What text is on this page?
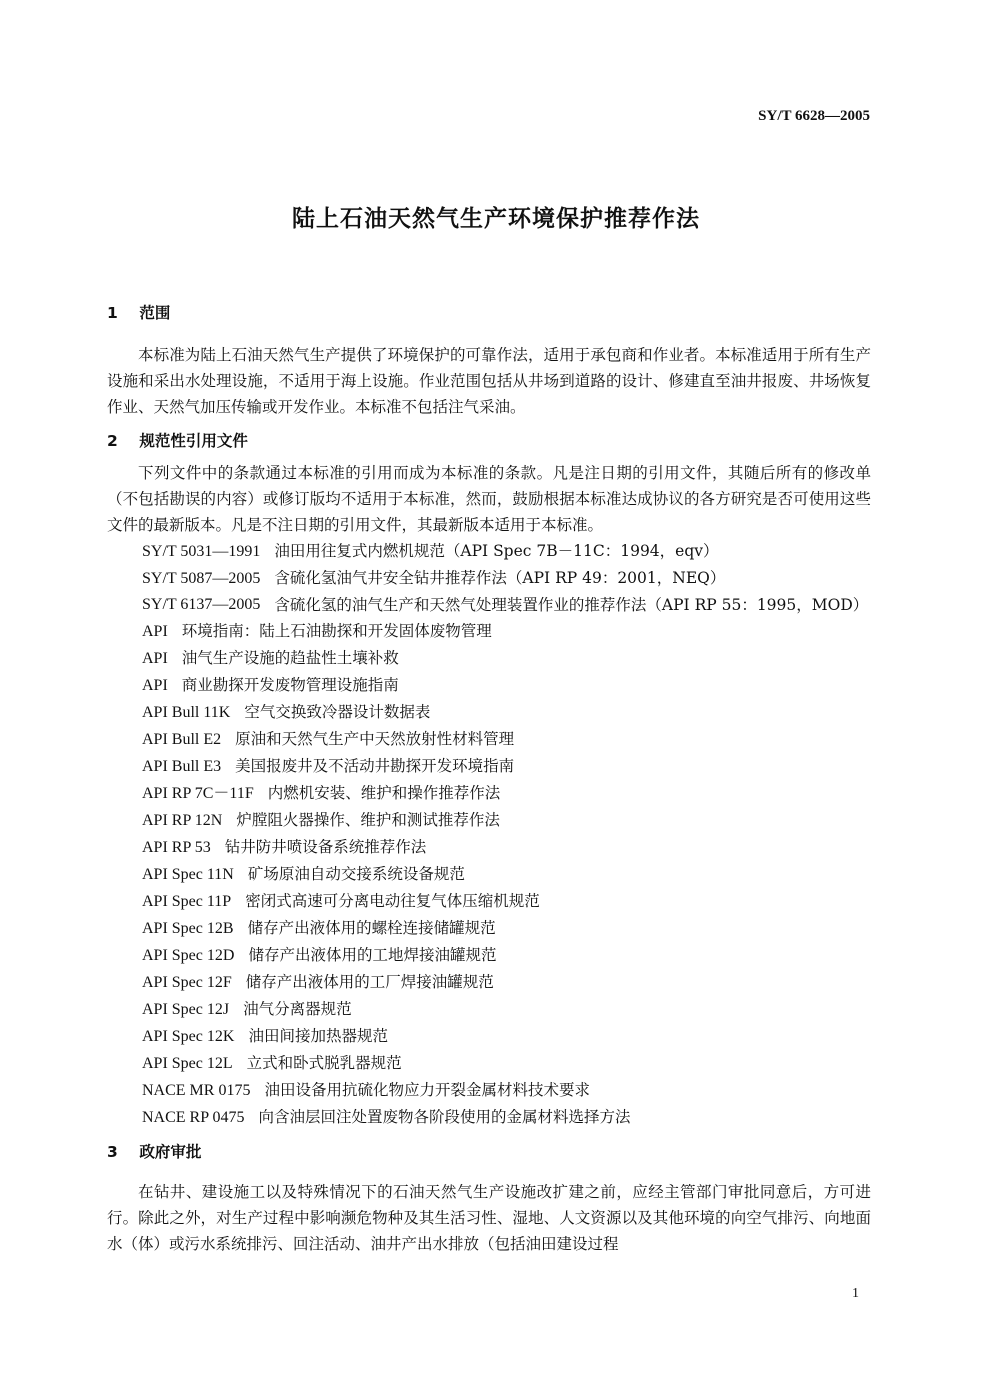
SY/T 6628—2005
陆上石油天然气生产环境保护推荐作法
1 范围
本标准为陆上石油天然气生产提供了环境保护的可靠作法，适用于承包商和作业者。本标准适用于所有生产设施和采出水处理设施，不适用于海上设施。作业范围包括从井场到道路的设计、修建直至油井报废、井场恢复作业、天然气加压传输或开发作业。本标准不包括注气采油。
2 规范性引用文件
下列文件中的条款通过本标准的引用而成为本标准的条款。凡是注日期的引用文件，其随后所有的修改单（不包括勘误的内容）或修订版均不适用于本标准，然而，鼓励根据本标准达成协议的各方研究是否可使用这些文件的最新版本。凡是不注日期的引用文件，其最新版本适用于本标准。
SY/T 5031—1991 油田用往复式内燃机规范（API Spec 7B－11C：1994，eqv）
SY/T 5087—2005 含硫化氢油气井安全钻井推荐作法（API RP 49：2001，NEQ）
SY/T 6137—2005 含硫化氢的油气生产和天然气处理装置作业的推荐作法（API RP 55：1995，MOD）
API 环境指南：陆上石油勘探和开发固体废物管理
API 油气生产设施的趋盐性土壤补救
API 商业勘探开发废物管理设施指南
API Bull 11K 空气交换致冷器设计数据表
API Bull E2 原油和天然气生产中天然放射性材料管理
API Bull E3 美国报废井及不活动井勘探开发环境指南
API RP 7C－11F 内燃机安装、维护和操作推荐作法
API RP 12N 炉膛阻火器操作、维护和测试推荐作法
API RP 53 钻井防井喷设备系统推荐作法
API Spec 11N 矿场原油自动交接系统设备规范
API Spec 11P 密闭式高速可分离电动往复气体压缩机规范
API Spec 12B 储存产出液体用的螺栓连接储罐规范
API Spec 12D 储存产出液体用的工地焊接油罐规范
API Spec 12F 储存产出液体用的工厂焊接油罐规范
API Spec 12J 油气分离器规范
API Spec 12K 油田间接加热器规范
API Spec 12L 立式和卧式脱乳器规范
NACE MR 0175 油田设备用抗硫化物应力开裂金属材料技术要求
NACE RP 0475 向含油层回注处置废物各阶段使用的金属材料选择方法
3 政府审批
在钻井、建设施工以及特殊情况下的石油天然气生产设施改扩建之前，应经主管部门审批同意后，方可进行。除此之外，对生产过程中影响濒危物种及其生活习性、湿地、人文资源以及其他环境的向空气排污、向地面水（体）或污水系统排污、回注活动、油井产出水排放（包括油田建设过程
1
